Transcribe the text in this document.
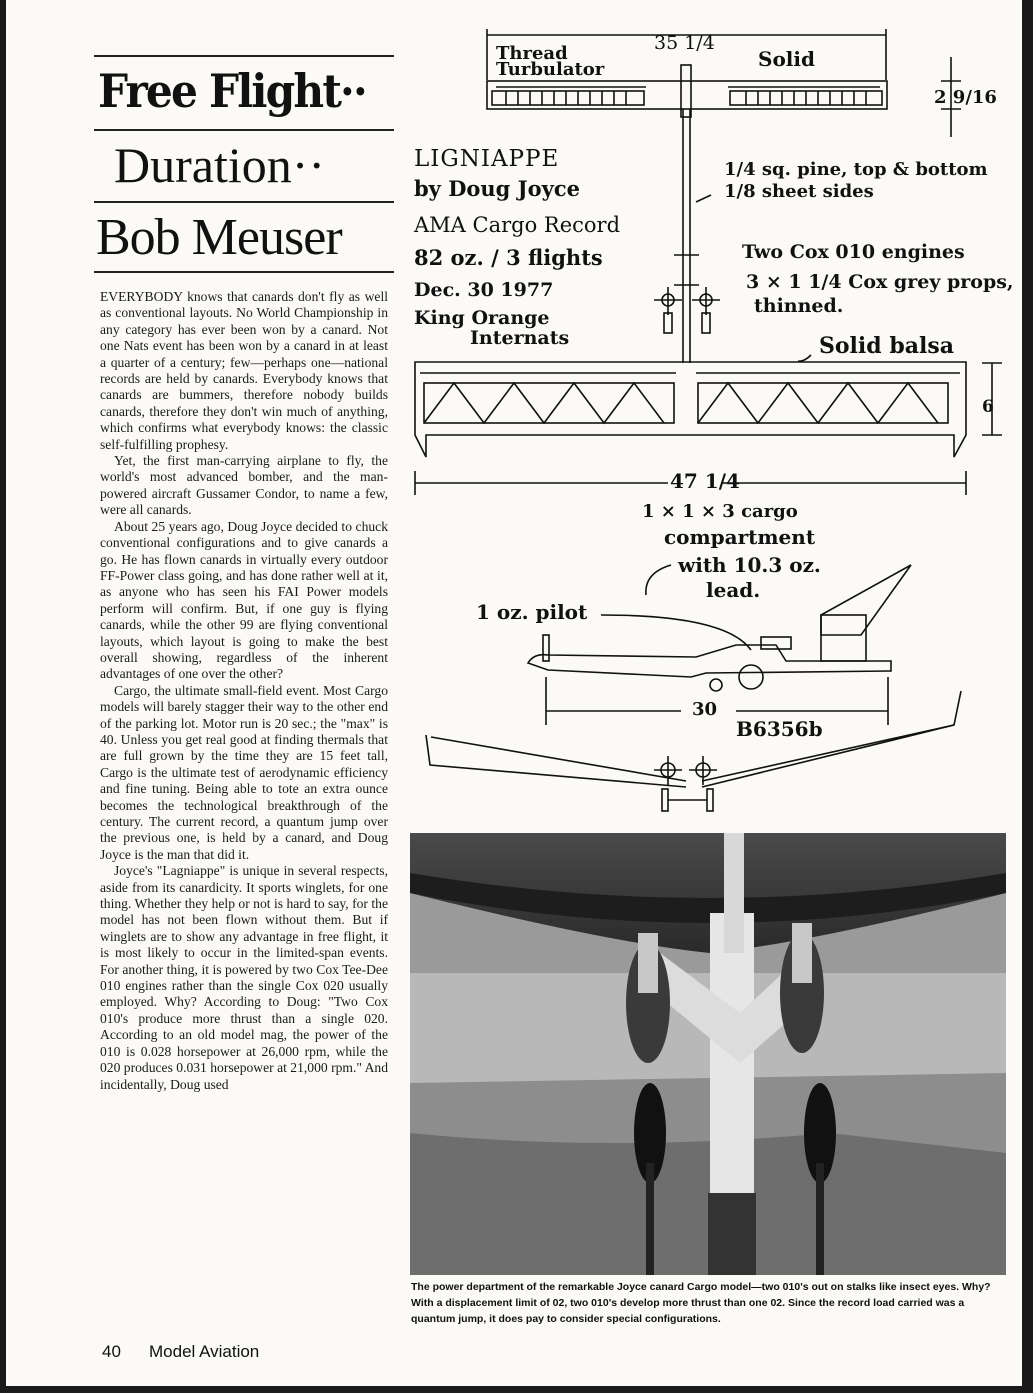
Free Flight··
Duration··
Bob Meuser

EVERYBODY knows that canards don't fly as well as conventional layouts. No World Championship in any category has ever been won by a canard. Not one Nats event has been won by a canard in at least a quarter of a century; few—perhaps one—national records are held by canards. Everybody knows that canards are bummers, therefore nobody builds canards, therefore they don't win much of anything, which confirms what everybody knows: the classic self-fulfilling prophesy.

Yet, the first man-carrying airplane to fly, the world's most advanced bomber, and the man-powered aircraft Gussamer Condor, to name a few, were all canards.

About 25 years ago, Doug Joyce decided to chuck conventional configurations and to give canards a go. He has flown canards in virtually every outdoor FF-Power class going, and has done rather well at it, as anyone who has seen his FAI Power models perform will confirm. But, if one guy is flying canards, while the other 99 are flying conventional layouts, which layout is going to make the best overall showing, regardless of the inherent advantages of one over the other?

Cargo, the ultimate small-field event. Most Cargo models will barely stagger their way to the other end of the parking lot. Motor run is 20 sec.; the "max" is 40. Unless you get real good at finding thermals that are full grown by the time they are 15 feet tall, Cargo is the ultimate test of aerodynamic efficiency and fine tuning. Being able to tote an extra ounce becomes the technological breakthrough of the century. The current record, a quantum jump over the previous one, is held by a canard, and Doug Joyce is the man that did it.

Joyce's "Lagniappe" is unique in several respects, aside from its canardicity. It sports winglets, for one thing. Whether they help or not is hard to say, for the model has not been flown without them. But if winglets are to show any advantage in free flight, it is most likely to occur in the limited-span events. For another thing, it is powered by two Cox Tee-Dee 010 engines rather than the single Cox 020 usually employed. Why? According to Doug: "Two Cox 010's produce more thrust than a single 020. According to an old model mag, the power of the 010 is 0.028 horsepower at 26,000 rpm, while the 020 produces 0.031 horsepower at 21,000 rpm." And incidentally, Doug used

35 1/4
Thread
Turbulator	Solid
2 9/16
LIGNIAPPE
by Doug Joyce
AMA Cargo Record
82 oz. / 3 flights
Dec. 30 1977
King Orange
Internats
1/4 sq. pine, top & bottom
1/8 sheet sides
Two Cox 010 engines
3 × 1 1/4 Cox grey props,
thinned.
Solid balsa
6
47 1/4
1 × 1 × 3 cargo
compartment
with 10.3 oz.
lead.
1 oz. pilot
30
B6356b
The power department of the remarkable Joyce canard Cargo model—two 010's out on stalks like insect eyes. Why? With a displacement limit of 02, two 010's develop more thrust than one 02. Since the record load carried was a quantum jump, it does pay to consider special configurations.
40 Model Aviation
